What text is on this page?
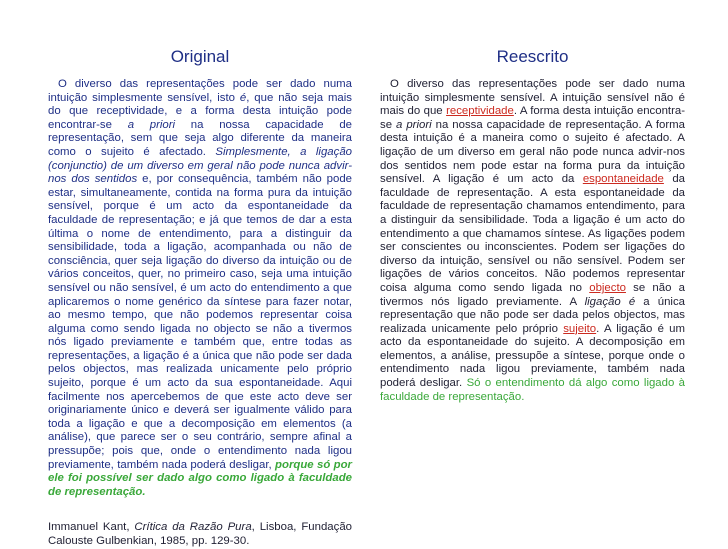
Original

O diverso das representações pode ser dado numa intuição simplesmente sensível, isto é, que não seja mais do que receptividade, e a forma desta intuição pode encontrar-se a priori na nossa capacidade de representação, sem que seja algo diferente da maneira como o sujeito é afectado. Simplesmente, a ligação (conjunctio) de um diverso em geral não pode nunca advir-nos dos sentidos e, por consequência, também não pode estar, simultaneamente, contida na forma pura da intuição sensível, porque é um acto da espontaneidade da faculdade de representação; e já que temos de dar a esta última o nome de entendimento, para a distinguir da sensibilidade, toda a ligação, acompanhada ou não de consciência, quer seja ligação do diverso da intuição ou de vários conceitos, quer, no primeiro caso, seja uma intuição sensível ou não sensível, é um acto do entendimento a que aplicaremos o nome genérico da síntese para fazer notar, ao mesmo tempo, que não podemos representar coisa alguma como sendo ligada no objecto se não a tivermos nós ligado previamente e também que, entre todas as representações, a ligação é a única que não pode ser dada pelos objectos, mas realizada unicamente pelo próprio sujeito, porque é um acto da sua espontaneidade. Aqui facilmente nos apercebemos de que este acto deve ser originariamente único e deverá ser igualmente válido para toda a ligação e que a decomposição em elementos (a análise), que parece ser o seu contrário, sempre afinal a pressupõe; pois que, onde o entendimento nada ligou previamente, também nada poderá desligar, porque só por ele foi possível ser dado algo como ligado à faculdade de representação.

Immanuel Kant, Crítica da Razão Pura, Lisboa, Fundação Calouste Gulbenkian, 1985, pp. 129-30.

Reescrito

O diverso das representações pode ser dado numa intuição simplesmente sensível. A intuição sensível não é mais do que receptividade. A forma desta intuição encontra-se a priori na nossa capacidade de representação. A forma desta intuição é a maneira como o sujeito é afectado. A ligação de um diverso em geral não pode nunca advir-nos dos sentidos nem pode estar na forma pura da intuição sensível. A ligação é um acto da espontaneidade da faculdade de representação. A esta espontaneidade da faculdade de representação chamamos entendimento, para a distinguir da sensibilidade. Toda a ligação é um acto do entendimento a que chamamos síntese. As ligações podem ser conscientes ou inconscientes. Podem ser ligações do diverso da intuição, sensível ou não sensível. Podem ser ligações de vários conceitos. Não podemos representar coisa alguma como sendo ligada no objecto se não a tivermos nós ligado previamente. A ligação é a única representação que não pode ser dada pelos objectos, mas realizada unicamente pelo próprio sujeito. A ligação é um acto da espontaneidade do sujeito. A decomposição em elementos, a análise, pressupõe a síntese, porque onde o entendimento nada ligou previamente, também nada poderá desligar. Só o entendimento dá algo como ligado à faculdade de representação.
